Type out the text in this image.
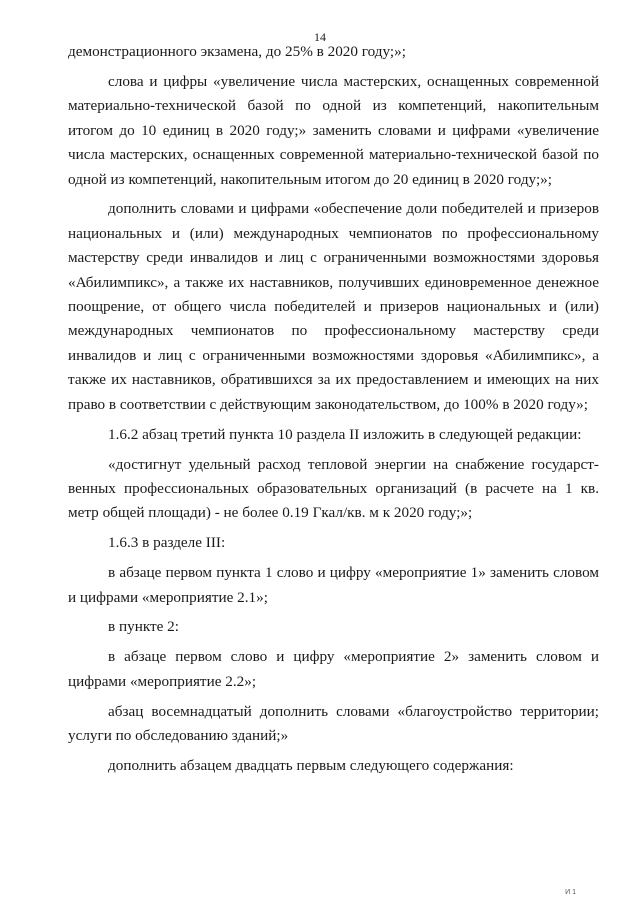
14

демонстрационного экзамена, до 25% в 2020 году;»;

слова и цифры «увеличение числа мастерских, оснащенных современной материально-технической базой по одной из компетенций, накопительным итогом до 10 единиц в 2020 году;» заменить словами и цифрами «увеличение числа мастерских, оснащенных современной материально-технической базой по одной из компетенций, накопительным итогом до 20 единиц в 2020 году;»;

дополнить словами и цифрами «обеспечение доли победителей и призеров национальных и (или) международных чемпионатов по профессиональному мастерству среди инвалидов и лиц с ограниченными возможностями здоровья «Абилимпикс», а также их наставников, получивших единовременное денежное поощрение, от общего числа победителей и призеров национальных и (или) международных чемпионатов по профессиональному мастерству среди инвалидов и лиц с ограниченными возможностями здоровья «Абилимпикс», а также их наставников, обратившихся за их предоставлением и имеющих на них право в соответствии с действующим законодательством, до 100% в 2020 году»;

1.6.2 абзац третий пункта 10 раздела II изложить в следующей редакции:

«достигнут удельный расход тепловой энергии на снабжение государст-венных профессиональных образовательных организаций (в расчете на 1 кв. метр общей площади) - не более 0.19 Гкал/кв. м к 2020 году;»;

1.6.3 в разделе III:

в абзаце первом пункта 1 слово и цифру «мероприятие 1» заменить словом и цифрами «мероприятие 2.1»;

в пункте 2:

в абзаце первом слово и цифру «мероприятие 2» заменить словом и цифрами «мероприятие 2.2»;

абзац восемнадцатый дополнить словами «благоустройство территории; услуги по обследованию зданий;»

дополнить абзацем двадцать первым следующего содержания:

И 1
